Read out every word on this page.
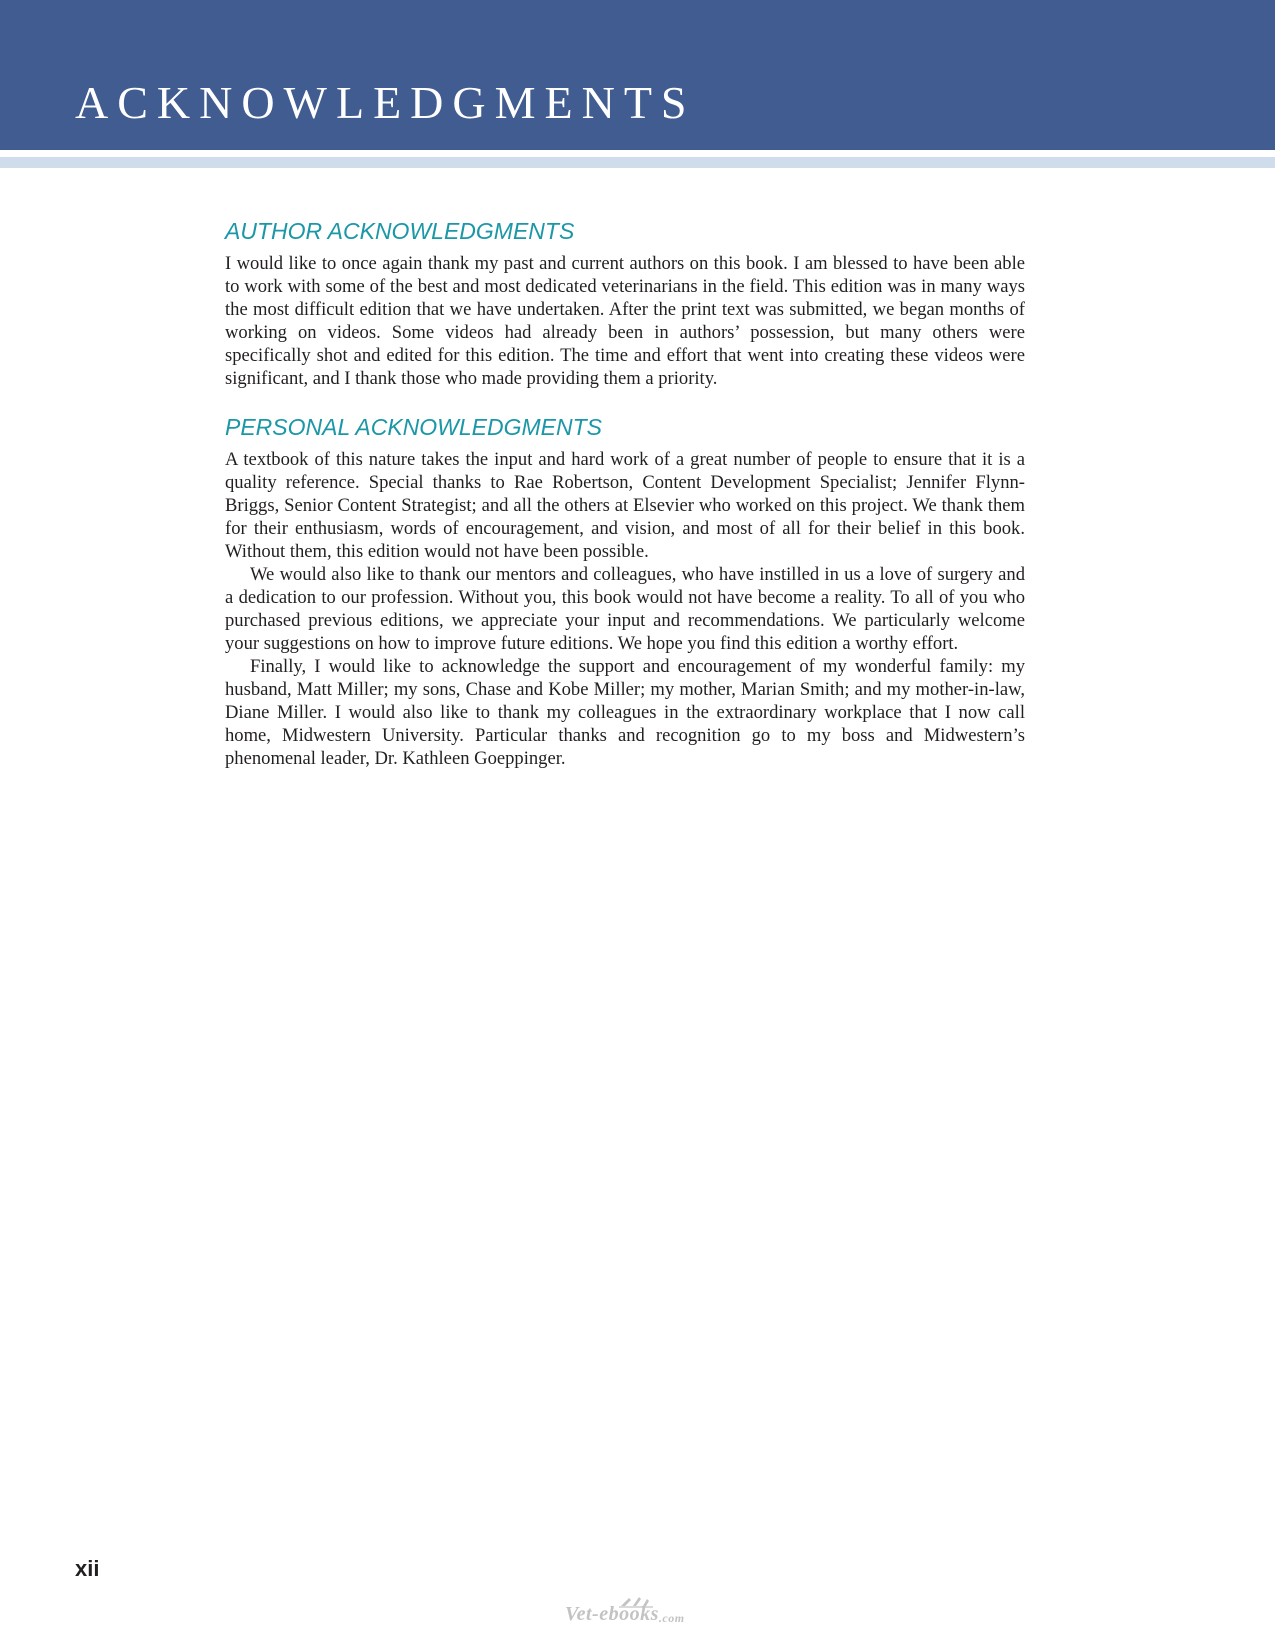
ACKNOWLEDGMENTS
AUTHOR ACKNOWLEDGMENTS

I would like to once again thank my past and current authors on this book. I am blessed to have been able to work with some of the best and most dedicated veterinarians in the field. This edition was in many ways the most difficult edition that we have undertaken. After the print text was submitted, we began months of working on videos. Some videos had already been in authors’ possession, but many others were specifically shot and edited for this edition. The time and effort that went into creating these videos were significant, and I thank those who made providing them a priority.

PERSONAL ACKNOWLEDGMENTS

A textbook of this nature takes the input and hard work of a great number of people to ensure that it is a quality reference. Special thanks to Rae Robertson, Content Development Specialist; Jennifer Flynn-Briggs, Senior Content Strategist; and all the others at Elsevier who worked on this project. We thank them for their enthusiasm, words of encouragement, and vision, and most of all for their belief in this book. Without them, this edition would not have been possible.

We would also like to thank our mentors and colleagues, who have instilled in us a love of surgery and a dedication to our profession. Without you, this book would not have become a reality. To all of you who purchased previous editions, we appreciate your input and recommendations. We particularly welcome your suggestions on how to improve future editions. We hope you find this edition a worthy effort.

Finally, I would like to acknowledge the support and encouragement of my wonderful family: my husband, Matt Miller; my sons, Chase and Kobe Miller; my mother, Marian Smith; and my mother-in-law, Diane Miller. I would also like to thank my colleagues in the extraordinary workplace that I now call home, Midwestern University. Particular thanks and recognition go to my boss and Midwestern’s phenomenal leader, Dr. Kathleen Goeppinger.

xii
Vet-ebooks .com
